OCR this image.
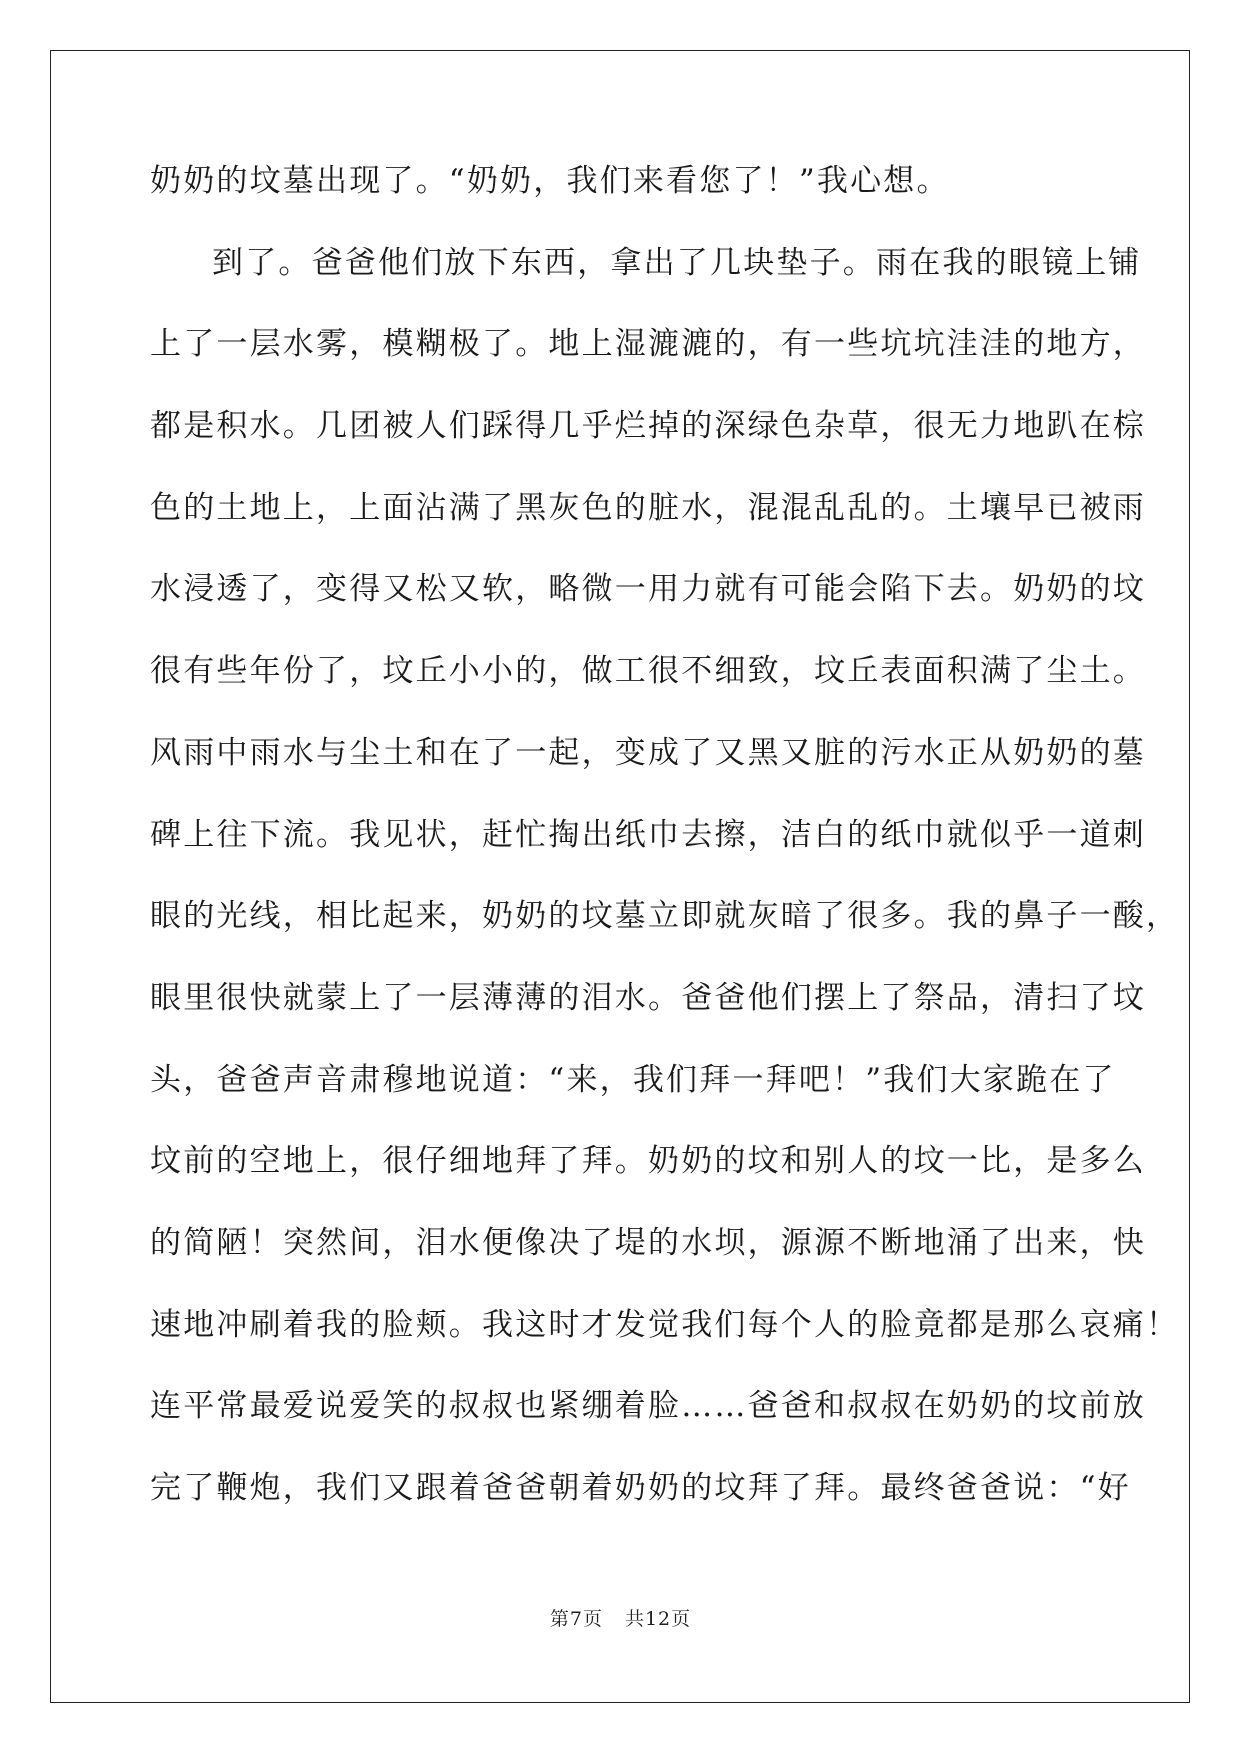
奶奶的坟墓出现了。“奶奶，我们来看您了！”我心想。
到了。爸爸他们放下东西，拿出了几块垫子。雨在我的眼镜上铺
上了一层水雾，模糊极了。地上湿漉漉的，有一些坑坑洼洼的地方，
都是积水。几团被人们踩得几乎烂掉的深绿色杂草，很无力地趴在棕
色的土地上，上面沾满了黑灰色的脏水，混混乱乱的。土壤早已被雨
水浸透了，变得又松又软，略微一用力就有可能会陷下去。奶奶的坟
很有些年份了，坟丘小小的，做工很不细致，坟丘表面积满了尘土。
风雨中雨水与尘土和在了一起，变成了又黑又脏的污水正从奶奶的墓
碑上往下流。我见状，赶忙掏出纸巾去擦，洁白的纸巾就似乎一道刺
眼的光线，相比起来，奶奶的坟墓立即就灰暗了很多。我的鼻子一酸，
眼里很快就蒙上了一层薄薄的泪水。爸爸他们摆上了祭品，清扫了坟
头，爸爸声音肃穆地说道：“来，我们拜一拜吧！”我们大家跪在了
坟前的空地上，很仔细地拜了拜。奶奶的坟和别人的坟一比，是多么
的简陋！突然间，泪水便像决了堤的水坝，源源不断地涌了出来，快
速地冲刷着我的脸颊。我这时才发觉我们每个人的脸竟都是那么哀痛！
连平常最爱说爱笑的叔叔也紧绷着脸……爸爸和叔叔在奶奶的坟前放
完了鞭炮，我们又跟着爸爸朝着奶奶的坟拜了拜。最终爸爸说：“好
第7页 共12页
